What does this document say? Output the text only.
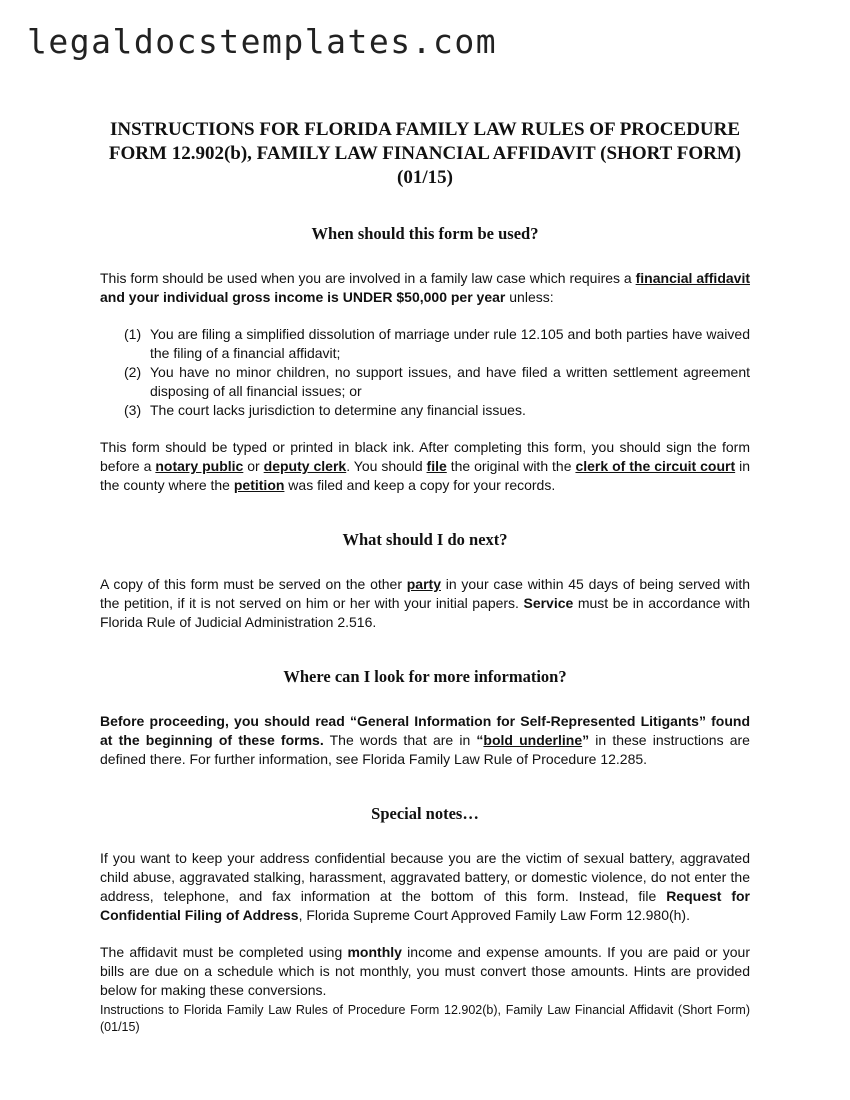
legaldocstemplates.com
INSTRUCTIONS FOR FLORIDA FAMILY LAW RULES OF PROCEDURE FORM 12.902(b), FAMILY LAW FINANCIAL AFFIDAVIT (SHORT FORM) (01/15)
When should this form be used?

This form should be used when you are involved in a family law case which requires a financial affidavit and your individual gross income is UNDER $50,000 per year unless:

(1) You are filing a simplified dissolution of marriage under rule 12.105 and both parties have waived the filing of a financial affidavit;
(2) You have no minor children, no support issues, and have filed a written settlement agreement disposing of all financial issues; or
(3) The court lacks jurisdiction to determine any financial issues.

This form should be typed or printed in black ink. After completing this form, you should sign the form before a notary public or deputy clerk. You should file the original with the clerk of the circuit court in the county where the petition was filed and keep a copy for your records.

What should I do next?

A copy of this form must be served on the other party in your case within 45 days of being served with the petition, if it is not served on him or her with your initial papers. Service must be in accordance with Florida Rule of Judicial Administration 2.516.

Where can I look for more information?

Before proceeding, you should read “General Information for Self-Represented Litigants” found at the beginning of these forms. The words that are in “bold underline” in these instructions are defined there. For further information, see Florida Family Law Rule of Procedure 12.285.

Special notes…

If you want to keep your address confidential because you are the victim of sexual battery, aggravated child abuse, aggravated stalking, harassment, aggravated battery, or domestic violence, do not enter the address, telephone, and fax information at the bottom of this form. Instead, file Request for Confidential Filing of Address, Florida Supreme Court Approved Family Law Form 12.980(h).

The affidavit must be completed using monthly income and expense amounts. If you are paid or your bills are due on a schedule which is not monthly, you must convert those amounts. Hints are provided below for making these conversions.

Instructions to Florida Family Law Rules of Procedure Form 12.902(b), Family Law Financial Affidavit (Short Form) (01/15)
